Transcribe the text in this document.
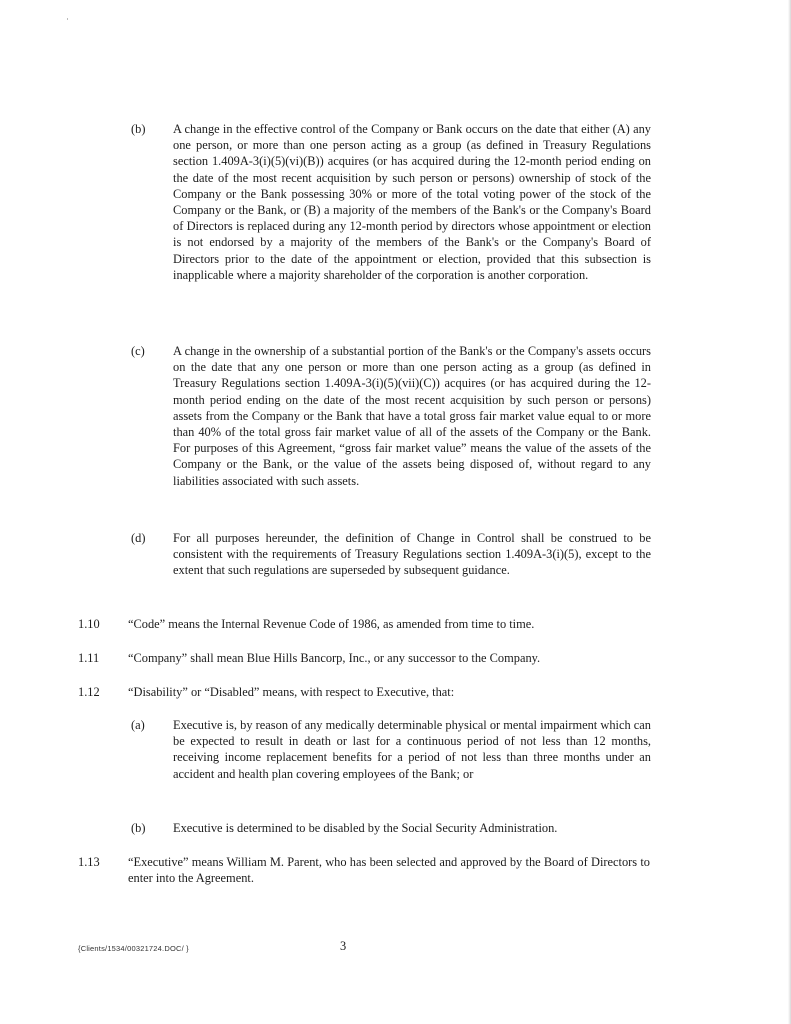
(b) A change in the effective control of the Company or Bank occurs on the date that either (A) any one person, or more than one person acting as a group (as defined in Treasury Regulations section 1.409A-3(i)(5)(vi)(B)) acquires (or has acquired during the 12-month period ending on the date of the most recent acquisition by such person or persons) ownership of stock of the Company or the Bank possessing 30% or more of the total voting power of the stock of the Company or the Bank, or (B) a majority of the members of the Bank's or the Company's Board of Directors is replaced during any 12-month period by directors whose appointment or election is not endorsed by a majority of the members of the Bank's or the Company's Board of Directors prior to the date of the appointment or election, provided that this subsection is inapplicable where a majority shareholder of the corporation is another corporation.
(c) A change in the ownership of a substantial portion of the Bank's or the Company's assets occurs on the date that any one person or more than one person acting as a group (as defined in Treasury Regulations section 1.409A-3(i)(5)(vii)(C)) acquires (or has acquired during the 12-month period ending on the date of the most recent acquisition by such person or persons) assets from the Company or the Bank that have a total gross fair market value equal to or more than 40% of the total gross fair market value of all of the assets of the Company or the Bank. For purposes of this Agreement, “gross fair market value” means the value of the assets of the Company or the Bank, or the value of the assets being disposed of, without regard to any liabilities associated with such assets.
(d) For all purposes hereunder, the definition of Change in Control shall be construed to be consistent with the requirements of Treasury Regulations section 1.409A-3(i)(5), except to the extent that such regulations are superseded by subsequent guidance.
1.10 “Code” means the Internal Revenue Code of 1986, as amended from time to time.
1.11 “Company” shall mean Blue Hills Bancorp, Inc., or any successor to the Company.
1.12 “Disability” or “Disabled” means, with respect to Executive, that:
(a) Executive is, by reason of any medically determinable physical or mental impairment which can be expected to result in death or last for a continuous period of not less than 12 months, receiving income replacement benefits for a period of not less than three months under an accident and health plan covering employees of the Bank; or
(b) Executive is determined to be disabled by the Social Security Administration.
1.13 “Executive” means William M. Parent, who has been selected and approved by the Board of Directors to enter into the Agreement.
{Clients/1534/00321724.DOC/ }	3
